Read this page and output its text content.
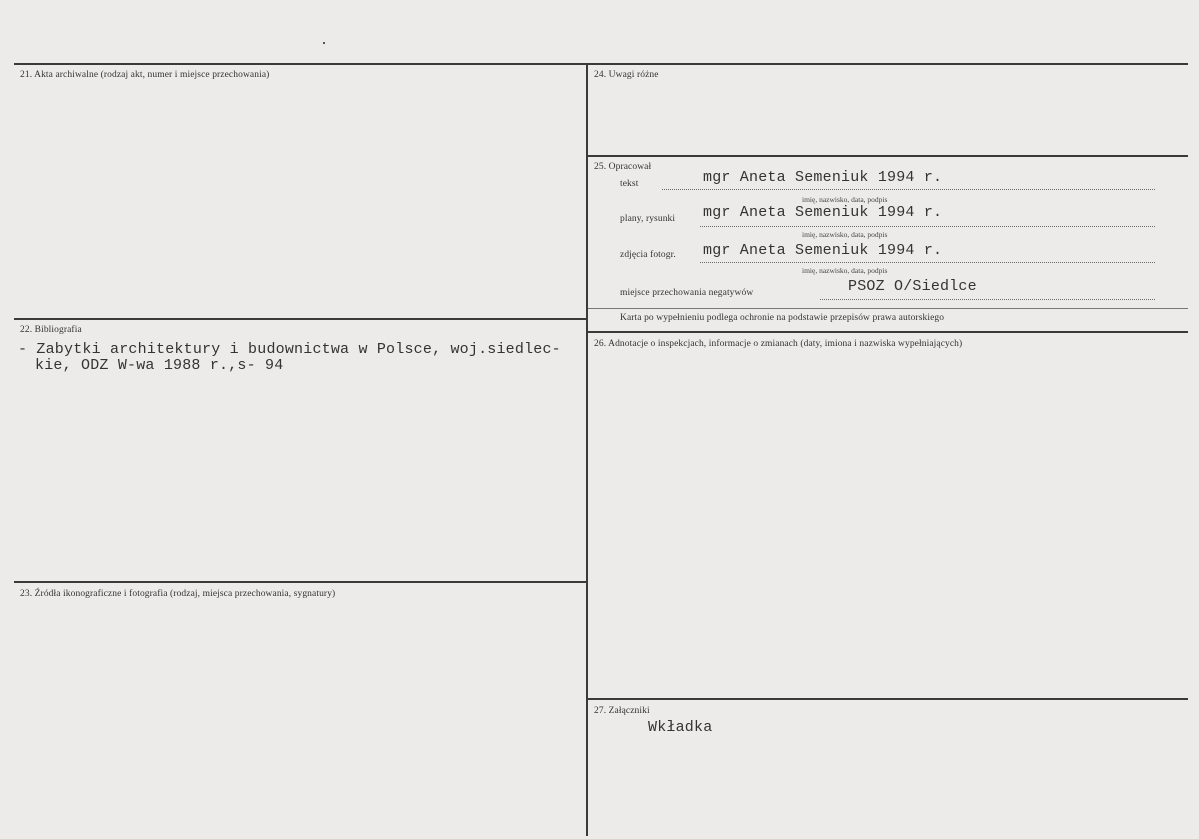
21. Akta archiwalne (rodzaj akt, numer i miejsce przechowania)
22. Bibliografia
- Zabytki architektury i budownictwa w Polsce, woj.siedlec-
kie, ODZ W-wa 1988 r.,s- 94
23. Źródła ikonograficzne i fotografia (rodzaj, miejsca przechowania, sygnatury)
24. Uwagi różne
25. Opracował
tekst	mgr Aneta Semeniuk 1994 r.
imię, nazwisko, data, podpis
plany, rysunki mgr Aneta Semeniuk 1994 r.
imię, nazwisko, data, podpis
zdjęcia fotogr. mgr Aneta Semeniuk 1994 r.
imię, nazwisko, data, podpis
miejsce przechowania negatywów	PSOZ O/Siedlce
Karta po wypełnieniu podlega ochronie na podstawie przepisów prawa autorskiego
26. Adnotacje o inspekcjach, informacje o zmianach (daty, imiona i nazwiska wypełniających)
27. Załączniki
Wkładka
